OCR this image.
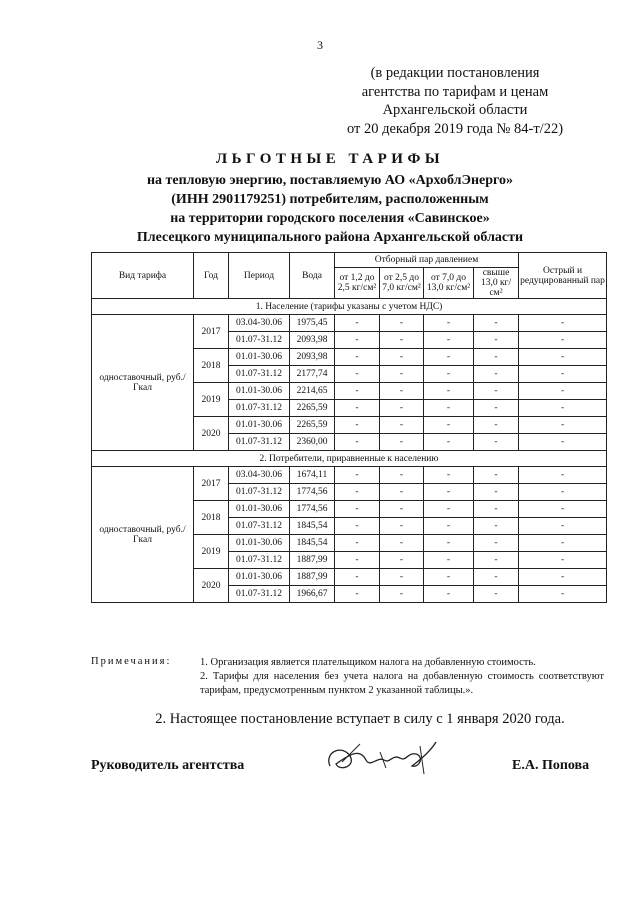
3
(в редакции постановления
агентства по тарифам и ценам
Архангельской области
от 20 декабря 2019 года № 84-т/22)
ЛЬГОТНЫЕ ТАРИФЫ
на тепловую энергию, поставляемую АО «АрхоблЭнерго»
(ИНН 2901179251) потребителям, расположенным
на территории городского поселения «Савинское»
Плесецкого муниципального района Архангельской области
Вид тарифа	Год	Период	Вода	Отборный пар давлением				Острый и редуцированный пар
				от 1,2 до 2,5 кг/см²	от 2,5 до 7,0 кг/см²	от 7,0 до 13,0 кг/см²	свыше 13,0 кг/см²	
1. Население (тарифы указаны с учетом НДС)								
одноставочный, руб./Гкал	2017	03.04-30.06	1975,45	-	-	-	-	-
		01.07-31.12	2093,98	-	-	-	-	-
	2018	01.01-30.06	2093,98	-	-	-	-	-
		01.07-31.12	2177,74	-	-	-	-	-
	2019	01.01-30.06	2214,65	-	-	-	-	-
		01.07-31.12	2265,59	-	-	-	-	-
	2020	01.01-30.06	2265,59	-	-	-	-	-
		01.07-31.12	2360,00	-	-	-	-	-
2. Потребители, приравненные к населению								
одноставочный, руб./Гкал	2017	03.04-30.06	1674,11	-	-	-	-	-
		01.07-31.12	1774,56	-	-	-	-	-
	2018	01.01-30.06	1774,56	-	-	-	-	-
		01.07-31.12	1845,54	-	-	-	-	-
	2019	01.01-30.06	1845,54	-	-	-	-	-
		01.07-31.12	1887,99	-	-	-	-	-
	2020	01.01-30.06	1887,99	-	-	-	-	-
		01.07-31.12	1966,67	-	-	-	-	-
Примечания:	1. Организация является плательщиком налога на добавленную стоимость.
2. Тарифы для населения без учета налога на добавленную стоимость соответствуют тарифам, предусмотренным пунктом 2 указанной таблицы.».
2. Настоящее постановление вступает в силу с 1 января 2020 года.
Руководитель агентства	Е.А. Попова
